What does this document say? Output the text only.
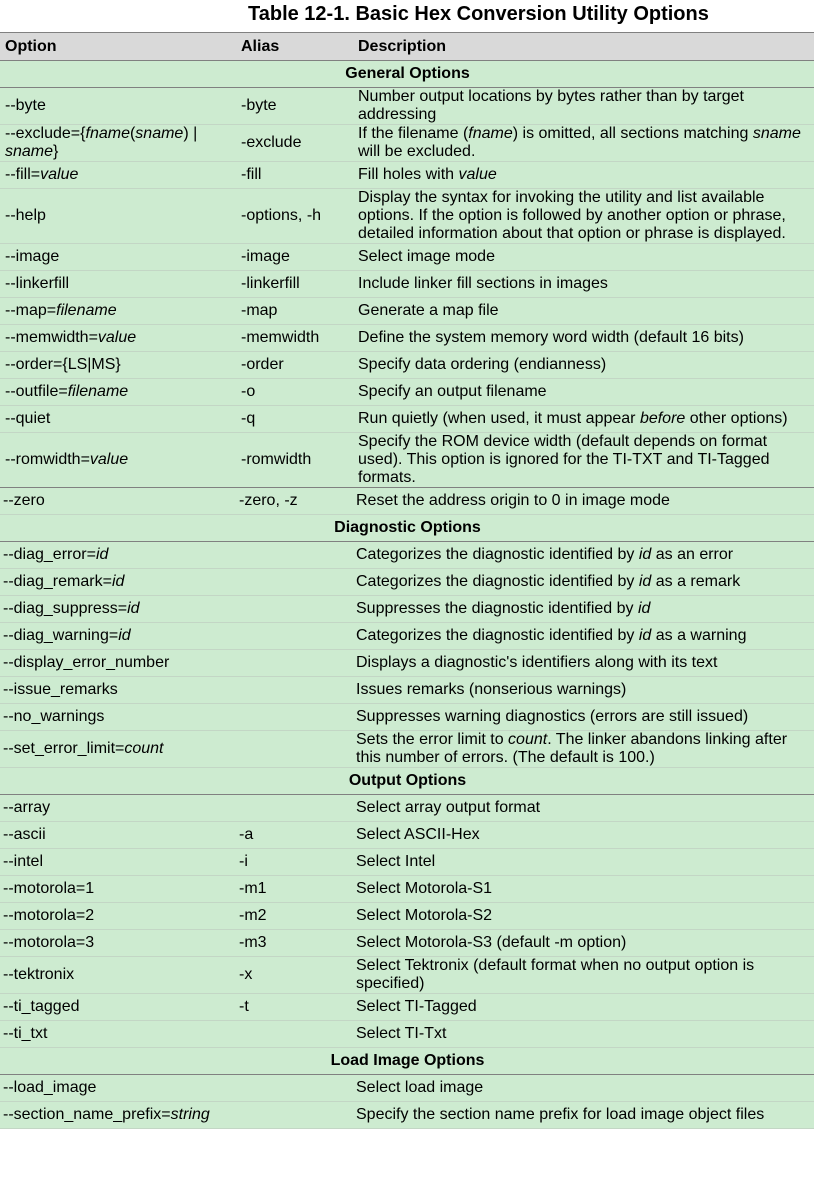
Table 12-1. Basic Hex Conversion Utility Options
Option	Alias	Description
General Options		
--byte	-byte	Number output locations by bytes rather than by target addressing
--exclude={fname(sname) | sname}	-exclude	If the filename (fname) is omitted, all sections matching sname will be excluded.
--fill=value	-fill	Fill holes with value
--help	-options, -h	Display the syntax for invoking the utility and list available options. If the option is followed by another option or phrase, detailed information about that option or phrase is displayed.
--image	-image	Select image mode
--linkerfill	-linkerfill	Include linker fill sections in images
--map=filename	-map	Generate a map file
--memwidth=value	-memwidth	Define the system memory word width (default 16 bits)
--order={LS|MS}	-order	Specify data ordering (endianness)
--outfile=filename	-o	Specify an output filename
--quiet	-q	Run quietly (when used, it must appear before other options)
--romwidth=value	-romwidth	Specify the ROM device width (default depends on format used). This option is ignored for the TI-TXT and TI-Tagged formats.
--zero	-zero, -z	Reset the address origin to 0 in image mode
Diagnostic Options		
--diag_error=id		Categorizes the diagnostic identified by id as an error
--diag_remark=id		Categorizes the diagnostic identified by id as a remark
--diag_suppress=id		Suppresses the diagnostic identified by id
--diag_warning=id		Categorizes the diagnostic identified by id as a warning
--display_error_number		Displays a diagnostic's identifiers along with its text
--issue_remarks		Issues remarks (nonserious warnings)
--no_warnings		Suppresses warning diagnostics (errors are still issued)
--set_error_limit=count		Sets the error limit to count. The linker abandons linking after this number of errors. (The default is 100.)
Output Options		
--array		Select array output format
--ascii	-a	Select ASCII-Hex
--intel	-i	Select Intel
--motorola=1	-m1	Select Motorola-S1
--motorola=2	-m2	Select Motorola-S2
--motorola=3	-m3	Select Motorola-S3 (default -m option)
--tektronix	-x	Select Tektronix (default format when no output option is specified)
--ti_tagged	-t	Select TI-Tagged
--ti_txt		Select TI-Txt
Load Image Options		
--load_image		Select load image
--section_name_prefix=string		Specify the section name prefix for load image object files
